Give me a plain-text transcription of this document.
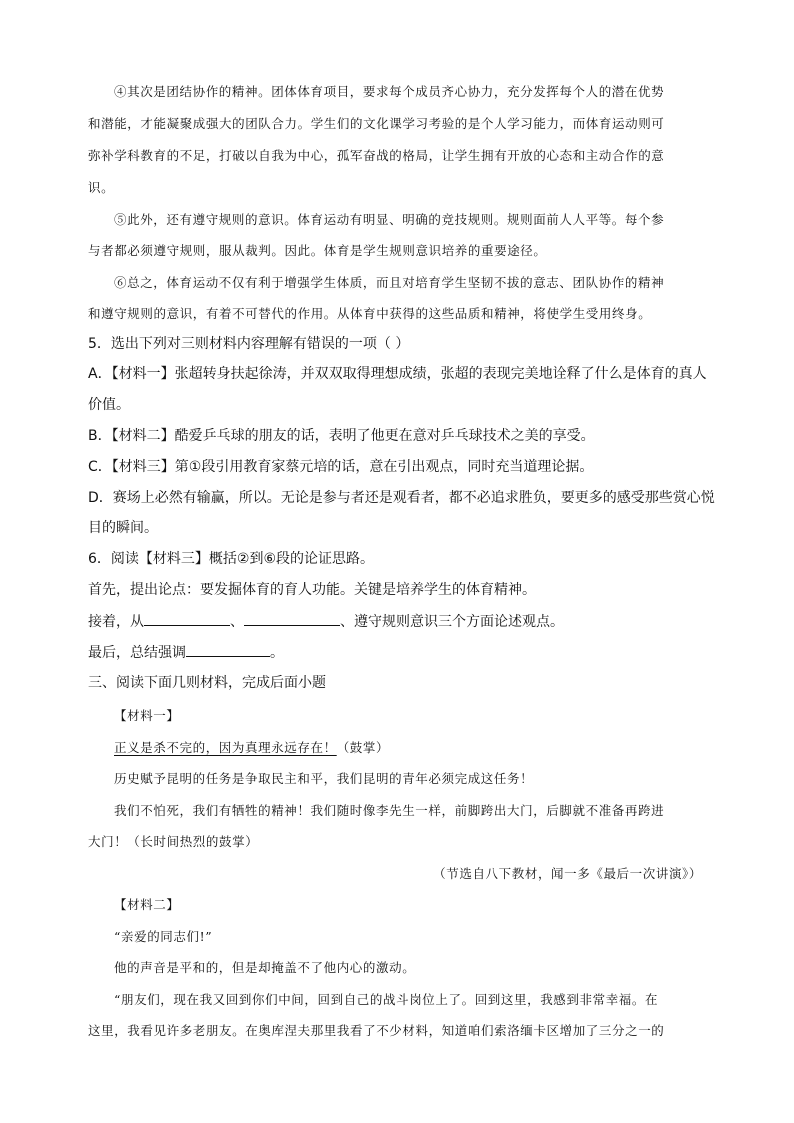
④其次是团结协作的精神。团体体育项目，要求每个成员齐心协力，充分发挥每个人的潜在优势
和潜能，才能凝聚成强大的团队合力。学生们的文化课学习考验的是个人学习能力，而体育运动则可
弥补学科教育的不足，打破以自我为中心，孤军奋战的格局，让学生拥有开放的心态和主动合作的意
识。
⑤此外，还有遵守规则的意识。体育运动有明显、明确的竞技规则。规则面前人人平等。每个参
与者都必须遵守规则，服从裁判。因此。体育是学生规则意识培养的重要途径。
⑥总之，体育运动不仅有利于增强学生体质，而且对培育学生坚韧不拔的意志、团队协作的精神
和遵守规则的意识，有着不可替代的作用。从体育中获得的这些品质和精神，将使学生受用终身。
5．选出下列对三则材料内容理解有错误的一项（ ）
A．【材料一】张超转身扶起徐涛，并双双取得理想成绩，张超的表现完美地诠释了什么是体育的真人
价值。
B．【材料二】酷爱乒乓球的朋友的话，表明了他更在意对乒乓球技术之美的享受。
C．【材料三】第①段引用教育家蔡元培的话，意在引出观点，同时充当道理论据。
D．赛场上必然有输赢，所以。无论是参与者还是观看者，都不必追求胜负，要更多的感受那些赏心悦
目的瞬间。
6．阅读【材料三】概括②到⑥段的论证思路。
首先，提出论点：要发掘体育的育人功能。关键是培养学生的体育精神。
接着，从	、	、遵守规则意识三个方面论述观点。
最后，总结强调	。
三、阅读下面几则材料，完成后面小题
【材料一】
正义是杀不完的，因为真理永远存在！（鼓掌）
历史赋予昆明的任务是争取民主和平，我们昆明的青年必须完成这任务！
我们不怕死，我们有牺牲的精神！我们随时像李先生一样，前脚跨出大门，后脚就不准备再跨进
大门！（长时间热烈的鼓掌）
（节选自八下教材，闻一多《最后一次讲演》）
【材料二】
“亲爱的同志们!”
他的声音是平和的，但是却掩盖不了他内心的激动。
“朋友们，现在我又回到你们中间，回到自己的战斗岗位上了。回到这里，我感到非常幸福。在
这里，我看见许多老朋友。在奥库涅夫那里我看了不少材料，知道咱们索洛缅卡区增加了三分之一的
